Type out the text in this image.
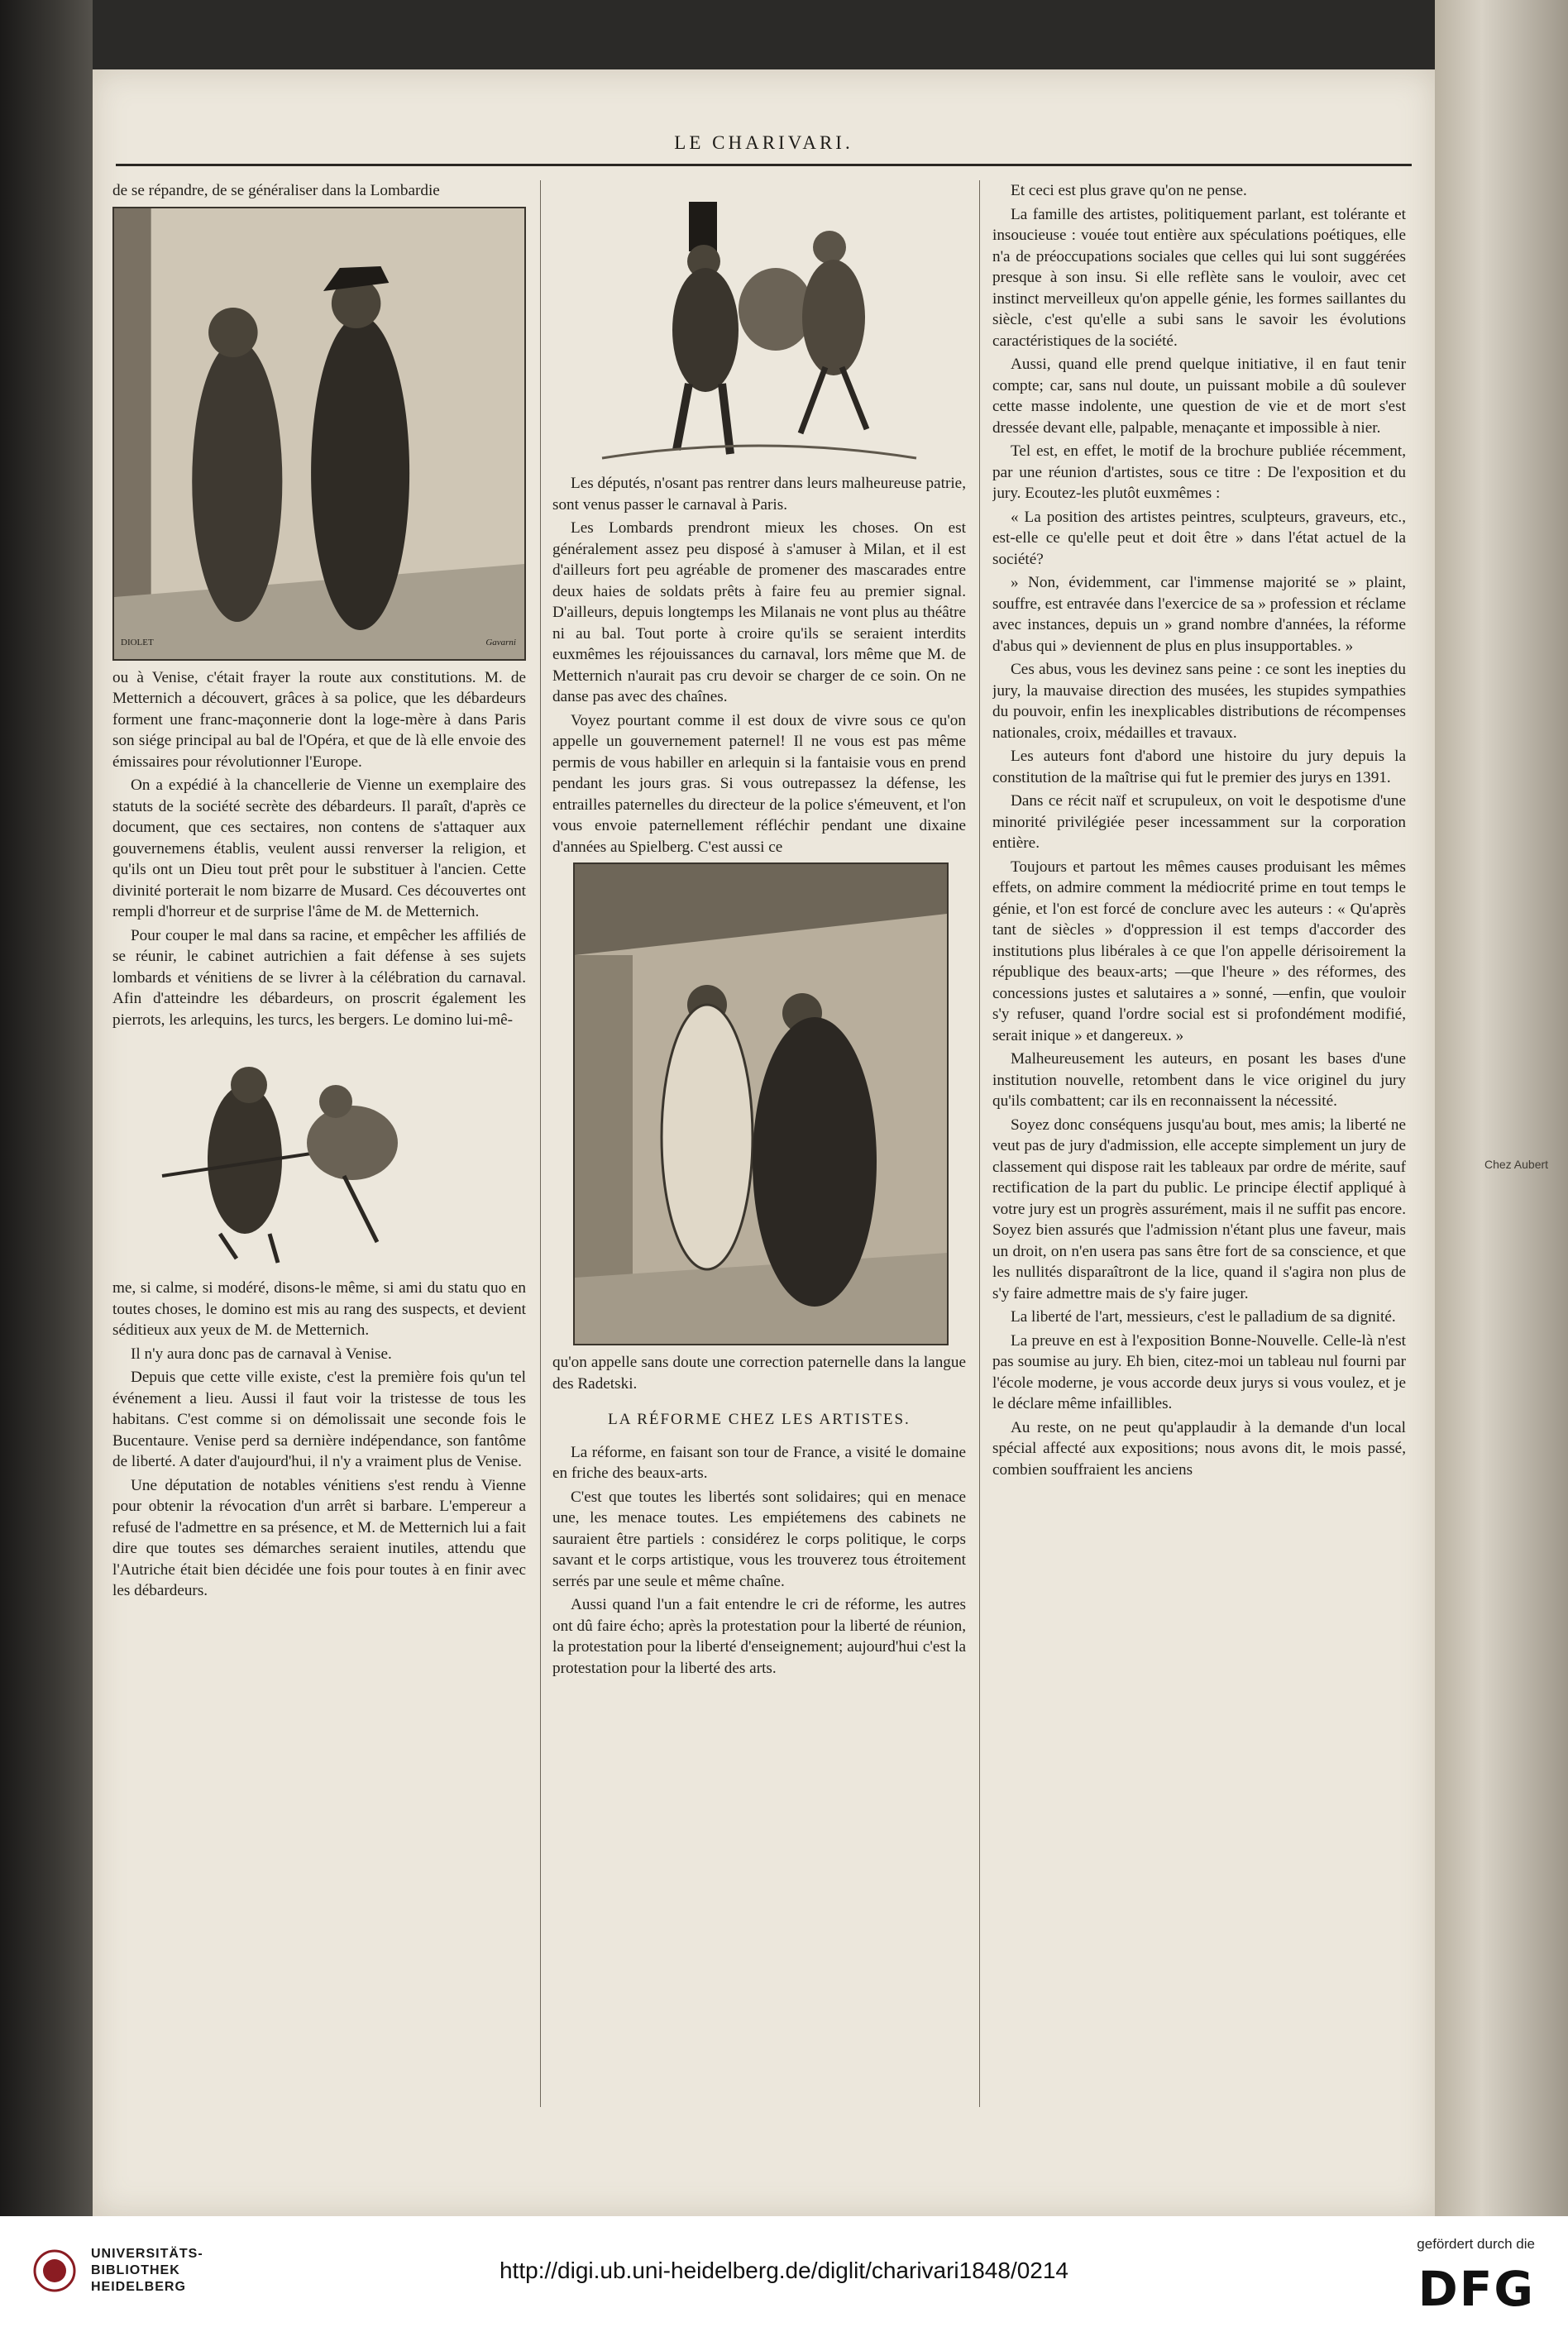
Chez Aubert
LE CHARIVARI.

de se répandre, de se généraliser dans la Lombardie

DIOLET	Gavarni

ou à Venise, c'était frayer la route aux constitutions. M. de Metternich a découvert, grâces à sa police, que les débardeurs forment une franc-maçonnerie dont la loge-mère à dans Paris son siége principal au bal de l'Opéra, et que de là elle envoie des émissaires pour révolutionner l'Europe.

On a expédié à la chancellerie de Vienne un exemplaire des statuts de la société secrète des débardeurs. Il paraît, d'après ce document, que ces sectaires, non contens de s'attaquer aux gouvernemens établis, veulent aussi renverser la religion, et qu'ils ont un Dieu tout prêt pour le substituer à l'ancien. Cette divinité porterait le nom bizarre de Musard. Ces découvertes ont rempli d'horreur et de surprise l'âme de M. de Metternich.

Pour couper le mal dans sa racine, et empêcher les affiliés de se réunir, le cabinet autrichien a fait défense à ses sujets lombards et vénitiens de se livrer à la célébration du carnaval. Afin d'atteindre les débardeurs, on proscrit également les pierrots, les arlequins, les turcs, les bergers. Le domino lui-mê-

me, si calme, si modéré, disons-le même, si ami du statu quo en toutes choses, le domino est mis au rang des suspects, et devient séditieux aux yeux de M. de Metternich.

Il n'y aura donc pas de carnaval à Venise.

Depuis que cette ville existe, c'est la première fois qu'un tel événement a lieu. Aussi il faut voir la tristesse de tous les habitans. C'est comme si on démolissait une seconde fois le Bucentaure. Venise perd sa dernière indépendance, son fantôme de liberté. A dater d'aujourd'hui, il n'y a vraiment plus de Venise.

Une députation de notables vénitiens s'est rendu à Vienne pour obtenir la révocation d'un arrêt si barbare. L'empereur a refusé de l'admettre en sa présence, et M. de Metternich lui a fait dire que toutes ses démarches seraient inutiles, attendu que l'Autriche était bien décidée une fois pour toutes à en finir avec les débardeurs.

Les députés, n'osant pas rentrer dans leurs malheureuse patrie, sont venus passer le carnaval à Paris.

Les Lombards prendront mieux les choses. On est généralement assez peu disposé à s'amuser à Milan, et il est d'ailleurs fort peu agréable de promener des mascarades entre deux haies de soldats prêts à faire feu au premier signal. D'ailleurs, depuis longtemps les Milanais ne vont plus au théâtre ni au bal. Tout porte à croire qu'ils se seraient interdits euxmêmes les réjouissances du carnaval, lors même que M. de Metternich n'aurait pas cru devoir se charger de ce soin. On ne danse pas avec des chaînes.

Voyez pourtant comme il est doux de vivre sous ce qu'on appelle un gouvernement paternel! Il ne vous est pas même permis de vous habiller en arlequin si la fantaisie vous en prend pendant les jours gras. Si vous outrepassez la défense, les entrailles paternelles du directeur de la police s'émeuvent, et l'on vous envoie paternellement réfléchir pendant une dixaine d'années au Spielberg. C'est aussi ce

qu'on appelle sans doute une correction paternelle dans la langue des Radetski.

LA RÉFORME CHEZ LES ARTISTES.

La réforme, en faisant son tour de France, a visité le domaine en friche des beaux-arts.

C'est que toutes les libertés sont solidaires; qui en menace une, les menace toutes. Les empiétemens des cabinets ne sauraient être partiels : considérez le corps politique, le corps savant et le corps artistique, vous les trouverez tous étroitement serrés par une seule et même chaîne.

Aussi quand l'un a fait entendre le cri de réforme, les autres ont dû faire écho; après la protestation pour la liberté de réunion, la protestation pour la liberté d'enseignement; aujourd'hui c'est la protestation pour la liberté des arts.

Et ceci est plus grave qu'on ne pense.

La famille des artistes, politiquement parlant, est tolérante et insoucieuse : vouée tout entière aux spéculations poétiques, elle n'a de préoccupations sociales que celles qui lui sont suggérées presque à son insu. Si elle reflète sans le vouloir, avec cet instinct merveilleux qu'on appelle génie, les formes saillantes du siècle, c'est qu'elle a subi sans le savoir les évolutions caractéristiques de la société.

Aussi, quand elle prend quelque initiative, il en faut tenir compte; car, sans nul doute, un puissant mobile a dû soulever cette masse indolente, une question de vie et de mort s'est dressée devant elle, palpable, menaçante et impossible à nier.

Tel est, en effet, le motif de la brochure publiée récemment, par une réunion d'artistes, sous ce titre : De l'exposition et du jury. Ecoutez-les plutôt euxmêmes :

« La position des artistes peintres, sculpteurs, graveurs, etc., est-elle ce qu'elle peut et doit être » dans l'état actuel de la société?

» Non, évidemment, car l'immense majorité se » plaint, souffre, est entravée dans l'exercice de sa » profession et réclame avec instances, depuis un » grand nombre d'années, la réforme d'abus qui » deviennent de plus en plus insupportables. »

Ces abus, vous les devinez sans peine : ce sont les inepties du jury, la mauvaise direction des musées, les stupides sympathies du pouvoir, enfin les inexplicables distributions de récompenses nationales, croix, médailles et travaux.

Les auteurs font d'abord une histoire du jury depuis la constitution de la maîtrise qui fut le premier des jurys en 1391.

Dans ce récit naïf et scrupuleux, on voit le despotisme d'une minorité privilégiée peser incessamment sur la corporation entière.

Toujours et partout les mêmes causes produisant les mêmes effets, on admire comment la médiocrité prime en tout temps le génie, et l'on est forcé de conclure avec les auteurs : « Qu'après tant de siècles » d'oppression il est temps d'accorder des institutions plus libérales à ce que l'on appelle dérisoirement la république des beaux-arts; —que l'heure » des réformes, des concessions justes et salutaires a » sonné, —enfin, que vouloir s'y refuser, quand l'ordre social est si profondément modifié, serait inique » et dangereux. »

Malheureusement les auteurs, en posant les bases d'une institution nouvelle, retombent dans le vice originel du jury qu'ils combattent; car ils en reconnaissent la nécessité.

Soyez donc conséquens jusqu'au bout, mes amis; la liberté ne veut pas de jury d'admission, elle accepte simplement un jury de classement qui dispose rait les tableaux par ordre de mérite, sauf rectification de la part du public. Le principe électif appliqué à votre jury est un progrès assurément, mais il ne suffit pas encore. Soyez bien assurés que l'admission n'étant plus une faveur, mais un droit, on n'en usera pas sans être fort de sa conscience, et que les nullités disparaîtront de la lice, quand il s'agira non plus de s'y faire admettre mais de s'y faire juger.

La liberté de l'art, messieurs, c'est le palladium de sa dignité.

La preuve en est à l'exposition Bonne-Nouvelle. Celle-là n'est pas soumise au jury. Eh bien, citez-moi un tableau nul fourni par l'école moderne, je vous accorde deux jurys si vous voulez, et je le déclare même infaillibles.

Au reste, on ne peut qu'applaudir à la demande d'un local spécial affecté aux expositions; nous avons dit, le mois passé, combien souffraient les anciens

UNIVERSITÄTS-
BIBLIOTHEK
HEIDELBERG
http://digi.ub.uni-heidelberg.de/diglit/charivari1848/0214
gefördert durch die
DFG
